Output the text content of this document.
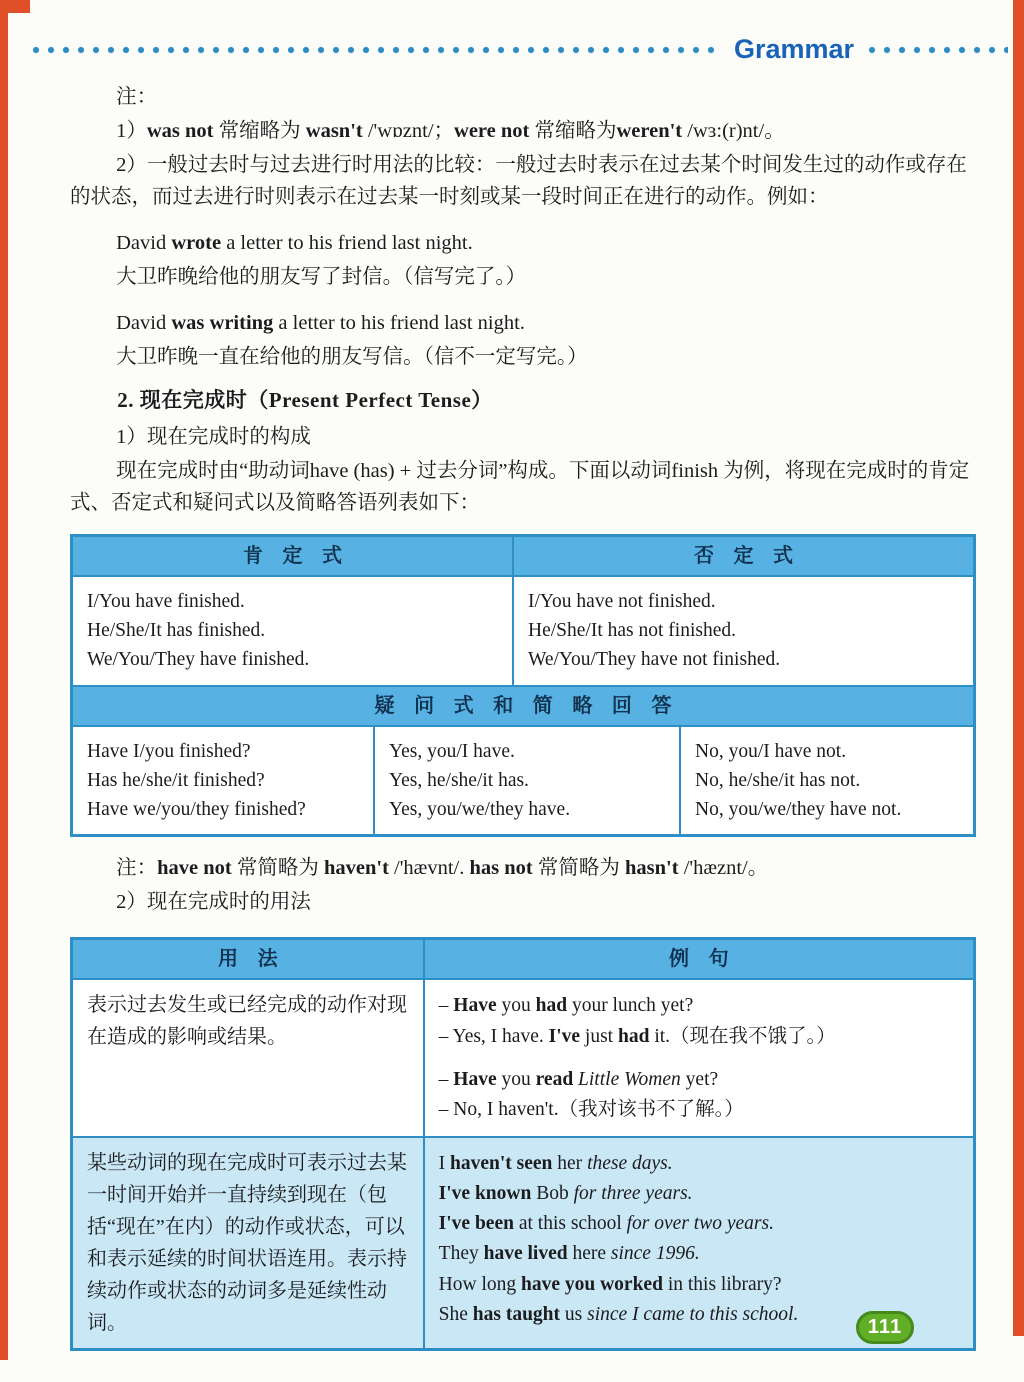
Grammar

注：

1）was not 常缩略为 wasn't /'wɒznt/；were not 常缩略为weren't /wɜ:(r)nt/。

2）一般过去时与过去进行时用法的比较：一般过去时表示在过去某个时间发生过的动作或存在的状态，而过去进行时则表示在过去某一时刻或某一段时间正在进行的动作。例如：

David wrote a letter to his friend last night.

大卫昨晚给他的朋友写了封信。（信写完了。）

David was writing a letter to his friend last night.

大卫昨晚一直在给他的朋友写信。（信不一定写完。）

2. 现在完成时（Present Perfect Tense）

1）现在完成时的构成

现在完成时由“助动词have (has) + 过去分词”构成。下面以动词finish 为例，将现在完成时的肯定式、否定式和疑问式以及简略答语列表如下：

肯 定 式	否 定 式
I/You have finished.
He/She/It has finished.
We/You/They have finished.
I/You have not finished.
He/She/It has not finished.
We/You/They have not finished.
疑 问 式 和 简 略 回 答
Have I/you finished?
Has he/she/it finished?
Have we/you/they finished?
Yes, you/I have.
Yes, he/she/it has.
Yes, you/we/they have.
No, you/I have not.
No, he/she/it has not.
No, you/we/they have not.

注：have not 常简略为 haven't /'hævnt/. has not 常简略为 hasn't /'hæznt/。

2）现在完成时的用法

用 法	例 句
表示过去发生或已经完成的动作对现在造成的影响或结果。
– Have you had your lunch yet?
– Yes, I have. I've just had it.（现在我不饿了。）
– Have you read Little Women yet?
– No, I haven't.（我对该书不了解。）
某些动词的现在完成时可表示过去某一时间开始并一直持续到现在（包括“现在”在内）的动作或状态，可以和表示延续的时间状语连用。表示持续动作或状态的动词多是延续性动词。
I haven't seen her these days.
I've known Bob for three years.
I've been at this school for over two years.
They have lived here since 1996.
How long have you worked in this library?
She has taught us since I came to this school.
111
